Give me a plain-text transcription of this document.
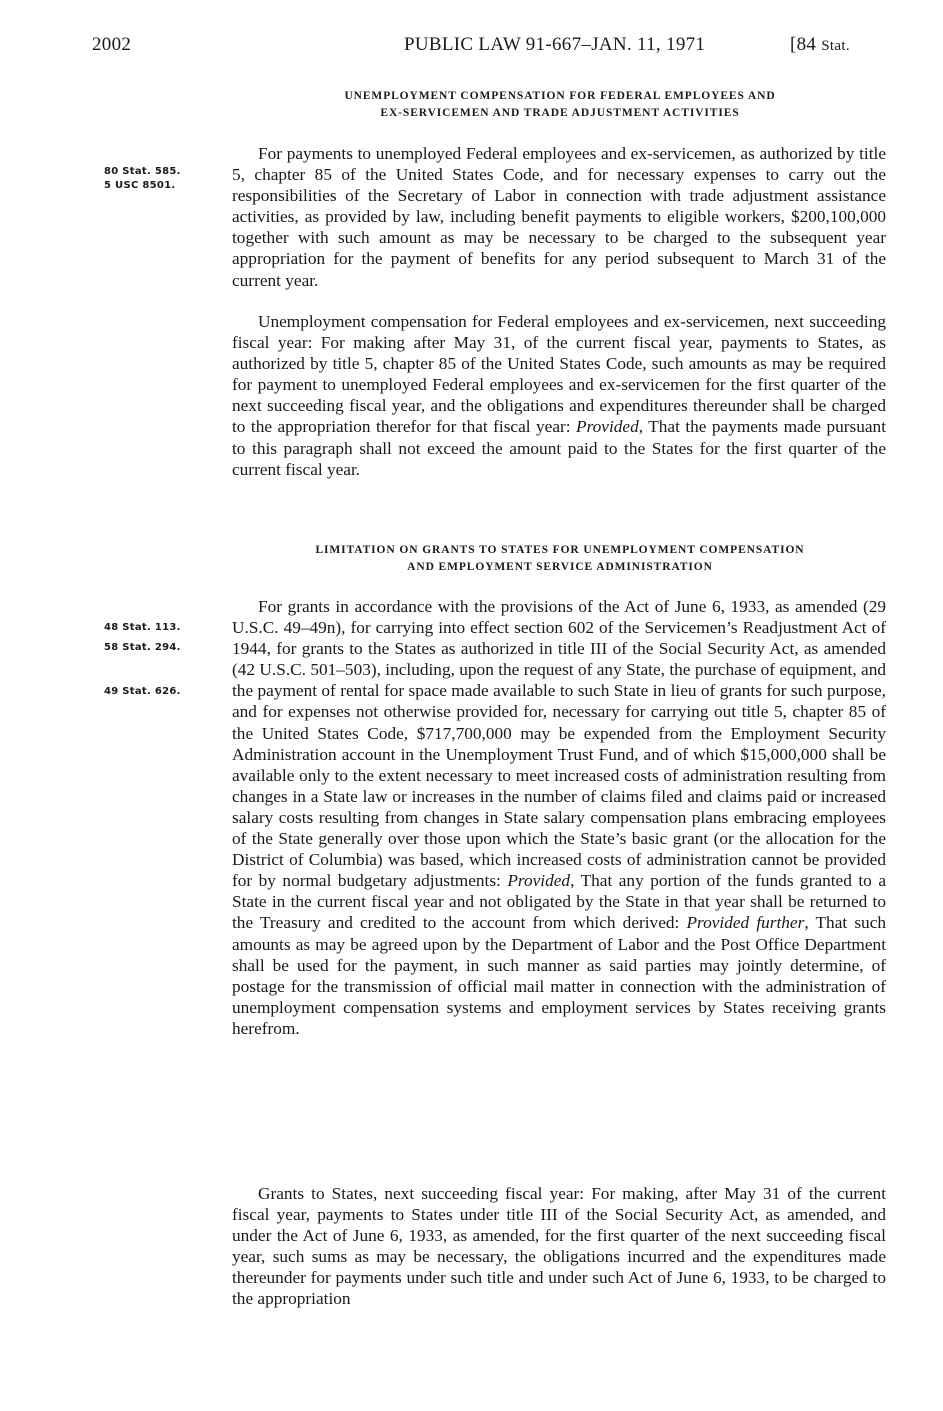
2002	PUBLIC LAW 91-667–JAN. 11, 1971	[84 Stat.
UNEMPLOYMENT COMPENSATION FOR FEDERAL EMPLOYEES AND
EX-SERVICEMEN AND TRADE ADJUSTMENT ACTIVITIES
80 Stat. 585.
5 USC 8501.

For payments to unemployed Federal employees and ex-servicemen, as authorized by title 5, chapter 85 of the United States Code, and for necessary expenses to carry out the responsibilities of the Secretary of Labor in connection with trade adjustment assistance activities, as provided by law, including benefit payments to eligible workers, $200,100,000 together with such amount as may be necessary to be charged to the subsequent year appropriation for the payment of benefits for any period subsequent to March 31 of the current year.

Unemployment compensation for Federal employees and ex-servicemen, next succeeding fiscal year: For making after May 31, of the current fiscal year, payments to States, as authorized by title 5, chapter 85 of the United States Code, such amounts as may be required for payment to unemployed Federal employees and ex-servicemen for the first quarter of the next succeeding fiscal year, and the obligations and expenditures thereunder shall be charged to the appropriation therefor for that fiscal year: Provided, That the payments made pursuant to this paragraph shall not exceed the amount paid to the States for the first quarter of the current fiscal year.

LIMITATION ON GRANTS TO STATES FOR UNEMPLOYMENT COMPENSATION
AND EMPLOYMENT SERVICE ADMINISTRATION
48 Stat. 113.
58 Stat. 294.
49 Stat. 626.

For grants in accordance with the provisions of the Act of June 6, 1933, as amended (29 U.S.C. 49–49n), for carrying into effect section 602 of the Servicemen’s Readjustment Act of 1944, for grants to the States as authorized in title III of the Social Security Act, as amended (42 U.S.C. 501–503), including, upon the request of any State, the purchase of equipment, and the payment of rental for space made available to such State in lieu of grants for such purpose, and for expenses not otherwise provided for, necessary for carrying out title 5, chapter 85 of the United States Code, $717,700,000 may be expended from the Employment Security Administration account in the Unemployment Trust Fund, and of which $15,000,000 shall be available only to the extent necessary to meet increased costs of administration resulting from changes in a State law or increases in the number of claims filed and claims paid or increased salary costs resulting from changes in State salary compensation plans embracing employees of the State generally over those upon which the State’s basic grant (or the allocation for the District of Columbia) was based, which increased costs of administration cannot be provided for by normal budgetary adjustments: Provided, That any portion of the funds granted to a State in the current fiscal year and not obligated by the State in that year shall be returned to the Treasury and credited to the account from which derived: Provided further, That such amounts as may be agreed upon by the Department of Labor and the Post Office Department shall be used for the payment, in such manner as said parties may jointly determine, of postage for the transmission of official mail matter in connection with the administration of unemployment compensation systems and employment services by States receiving grants herefrom.

Grants to States, next succeeding fiscal year: For making, after May 31 of the current fiscal year, payments to States under title III of the Social Security Act, as amended, and under the Act of June 6, 1933, as amended, for the first quarter of the next succeeding fiscal year, such sums as may be necessary, the obligations incurred and the expenditures made thereunder for payments under such title and under such Act of June 6, 1933, to be charged to the appropriation
